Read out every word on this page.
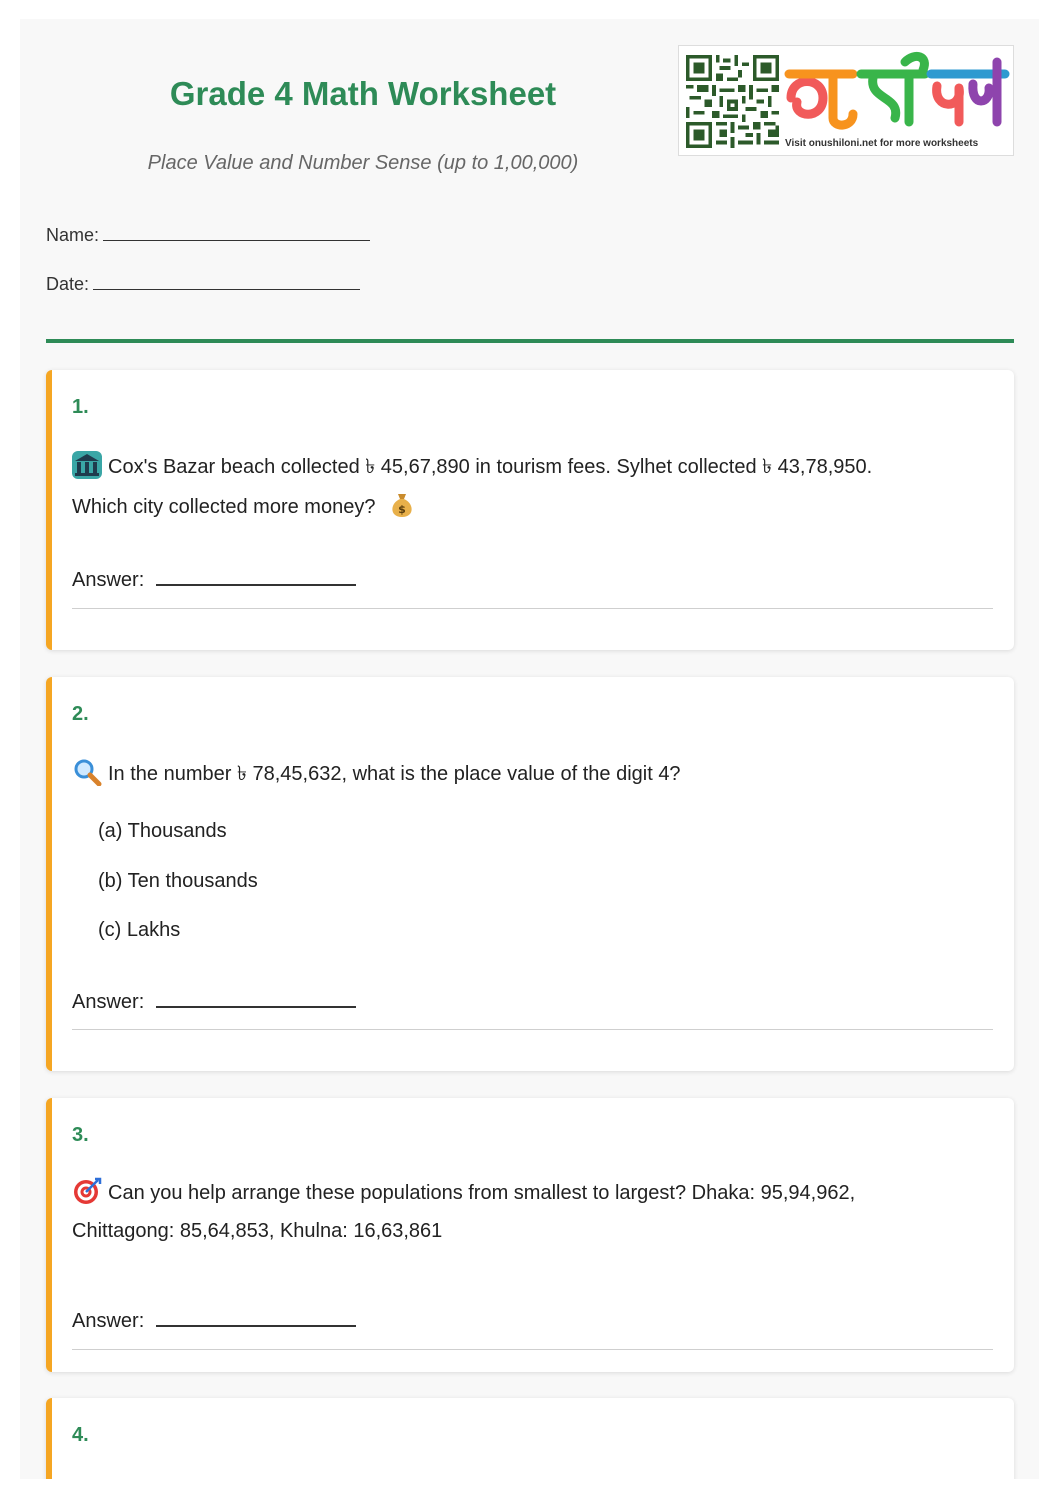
Grade 4 Math Worksheet
Place Value and Number Sense (up to 1,00,000)
Visit onushiloni.net for more worksheets
Name:
Date:
1.
Cox's Bazar beach collected ৳ 45,67,890 in tourism fees. Sylhet collected ৳ 43,78,950.
Which city collected more money? $
Answer:
2.
In the number ৳ 78,45,632, what is the place value of the digit 4?
(a) Thousands
(b) Ten thousands
(c) Lakhs
Answer:
3.
Can you help arrange these populations from smallest to largest? Dhaka: 95,94,962,
Chittagong: 85,64,853, Khulna: 16,63,861
Answer:
4.
